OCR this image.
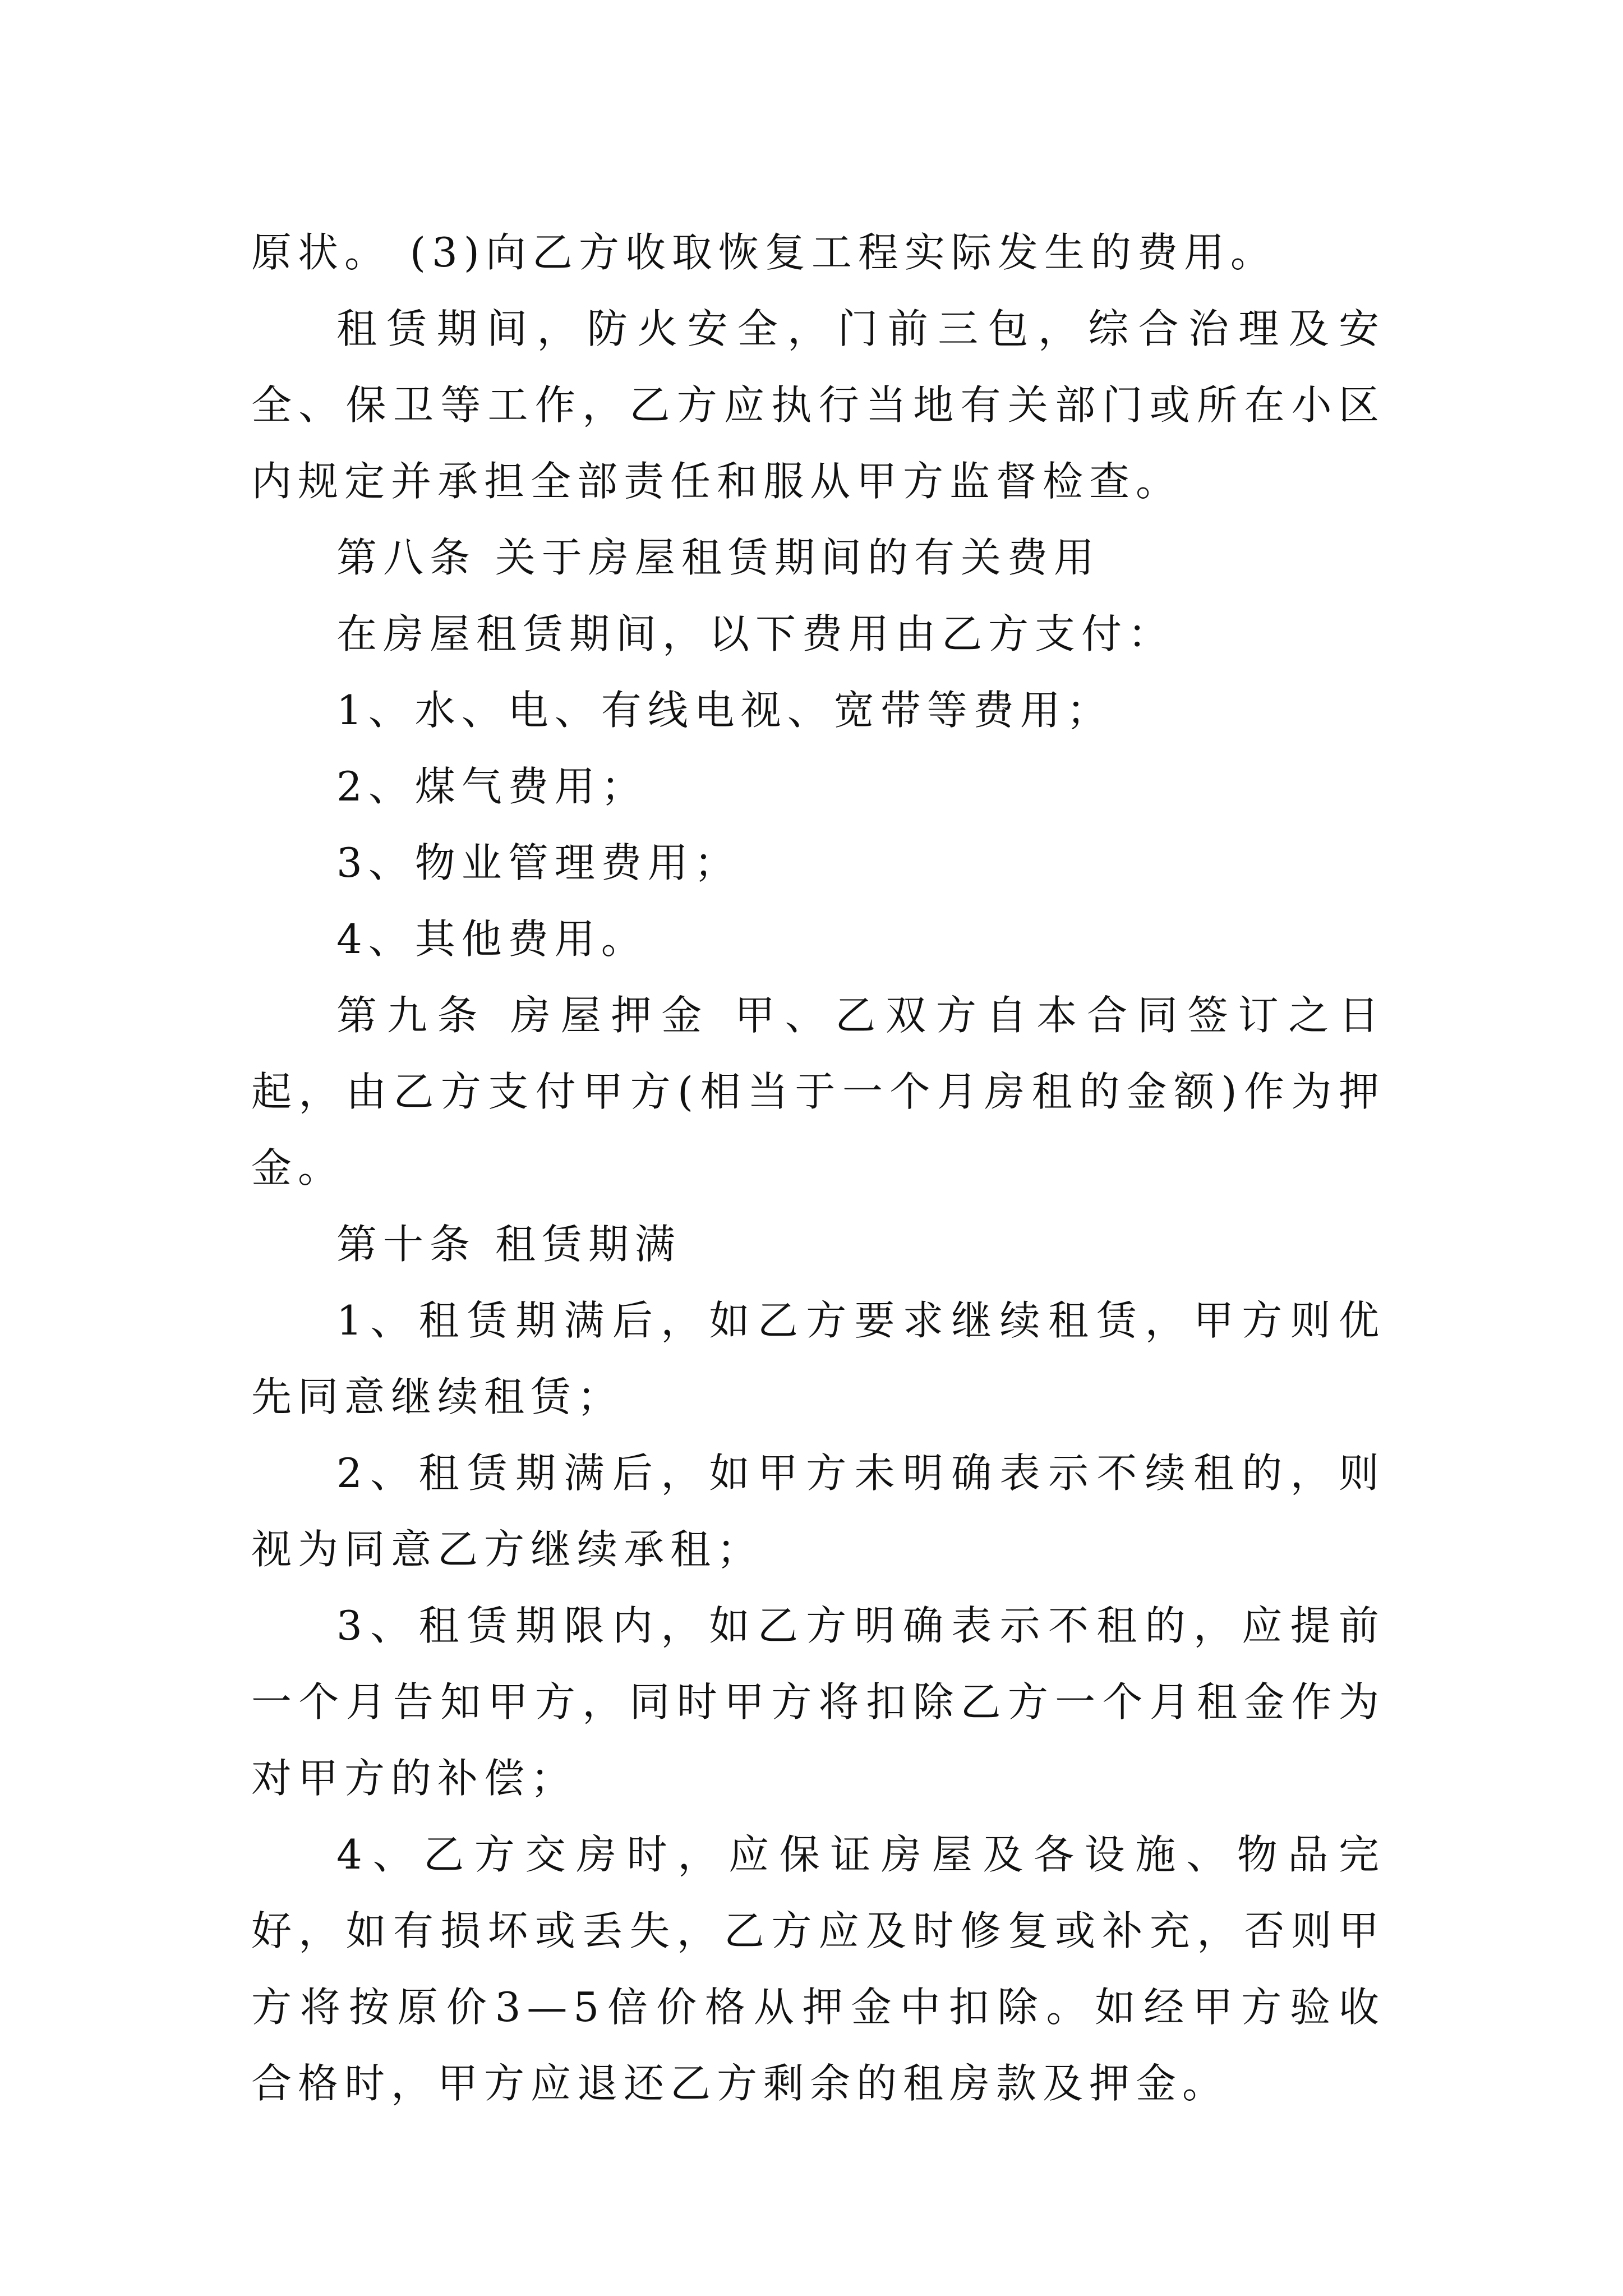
原状。 (3)向乙方收取恢复工程实际发生的费用。

租赁期间，防火安全，门前三包，综合治理及安全、保卫等工作，乙方应执行当地有关部门或所在小区内规定并承担全部责任和服从甲方监督检查。

第八条 关于房屋租赁期间的有关费用

在房屋租赁期间，以下费用由乙方支付：

1、水、电、有线电视、宽带等费用；

2、煤气费用；

3、物业管理费用；

4、其他费用。

第九条 房屋押金 甲、乙双方自本合同签订之日起，由乙方支付甲方(相当于一个月房租的金额)作为押金。

第十条 租赁期满

1、租赁期满后，如乙方要求继续租赁，甲方则优先同意继续租赁；

2、租赁期满后，如甲方未明确表示不续租的，则视为同意乙方继续承租；

3、租赁期限内，如乙方明确表示不租的，应提前一个月告知甲方，同时甲方将扣除乙方一个月租金作为对甲方的补偿；

4、乙方交房时，应保证房屋及各设施、物品完好，如有损坏或丢失，乙方应及时修复或补充，否则甲方将按原价3—5倍价格从押金中扣除。如经甲方验收合格时，甲方应退还乙方剩余的租房款及押金。
